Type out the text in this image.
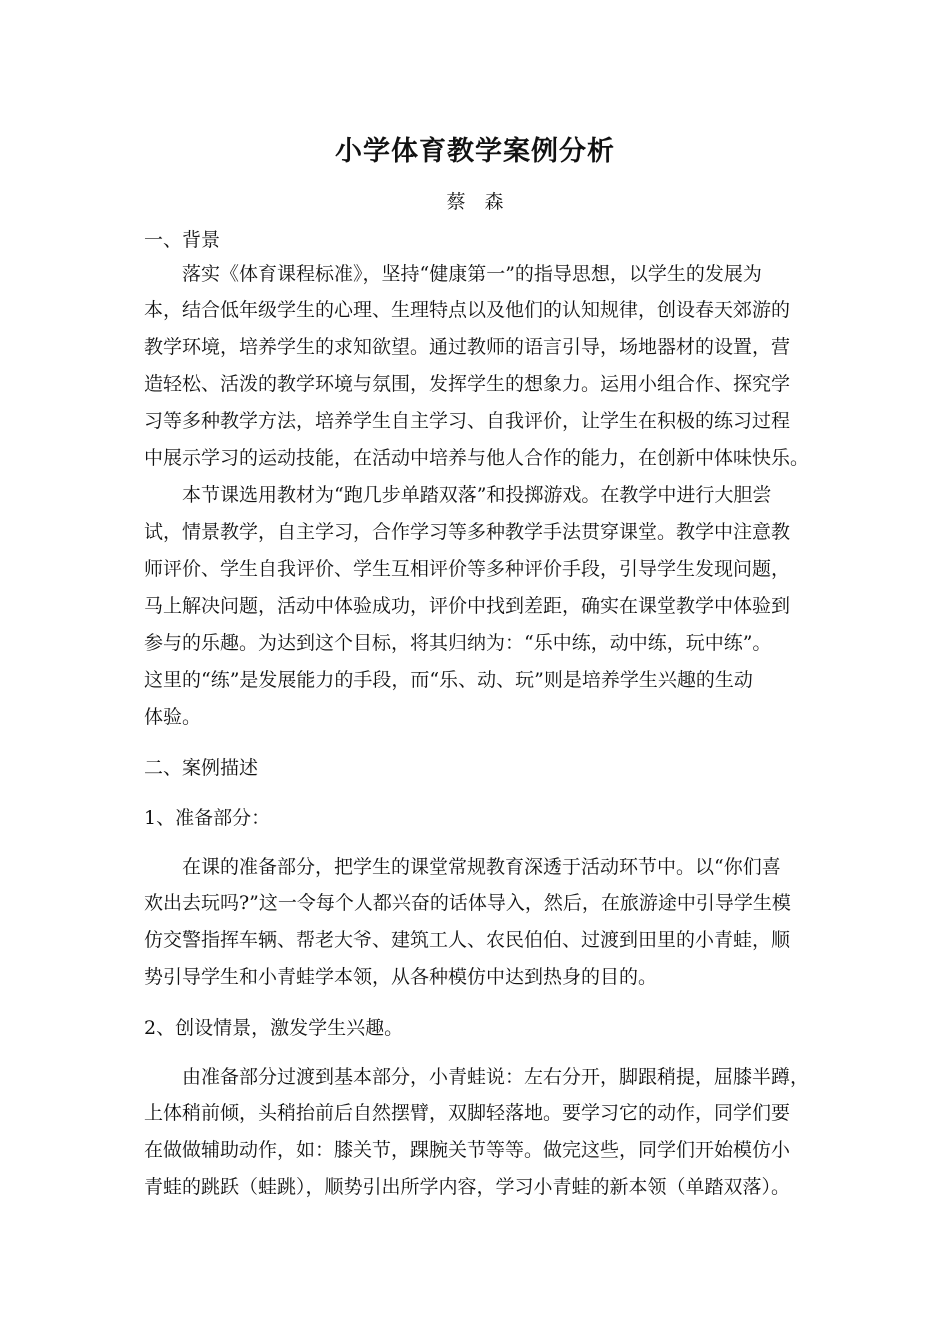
小学体育教学案例分析
蔡　森
一、背景
落实《体育课程标准》，坚持“健康第一”的指导思想，以学生的发展为
本，结合低年级学生的心理、生理特点以及他们的认知规律，创设春天郊游的
教学环境，培养学生的求知欲望。通过教师的语言引导，场地器材的设置，营
造轻松、活泼的教学环境与氛围，发挥学生的想象力。运用小组合作、探究学
习等多种教学方法，培养学生自主学习、自我评价，让学生在积极的练习过程
中展示学习的运动技能，在活动中培养与他人合作的能力，在创新中体味快乐。
本节课选用教材为“跑几步单踏双落”和投掷游戏。在教学中进行大胆尝
试，情景教学，自主学习，合作学习等多种教学手法贯穿课堂。教学中注意教
师评价、学生自我评价、学生互相评价等多种评价手段，引导学生发现问题，
马上解决问题，活动中体验成功，评价中找到差距，确实在课堂教学中体验到
参与的乐趣。为达到这个目标，将其归纳为：“乐中练，动中练，玩中练”。
这里的“练”是发展能力的手段，而“乐、动、玩”则是培养学生兴趣的生动
体验。
二、案例描述
1、准备部分：
在课的准备部分，把学生的课堂常规教育深透于活动环节中。以“你们喜
欢出去玩吗?”这一令每个人都兴奋的话体导入，然后，在旅游途中引导学生模
仿交警指挥车辆、帮老大爷、建筑工人、农民伯伯、过渡到田里的小青蛙，顺
势引导学生和小青蛙学本领，从各种模仿中达到热身的目的。
2、创设情景，激发学生兴趣。
由准备部分过渡到基本部分，小青蛙说：左右分开，脚跟稍提，屈膝半蹲，
上体稍前倾，头稍抬前后自然摆臂，双脚轻落地。要学习它的动作，同学们要
在做做辅助动作，如：膝关节，踝腕关节等等。做完这些，同学们开始模仿小
青蛙的跳跃（蛙跳），顺势引出所学内容，学习小青蛙的新本领（单踏双落）。
